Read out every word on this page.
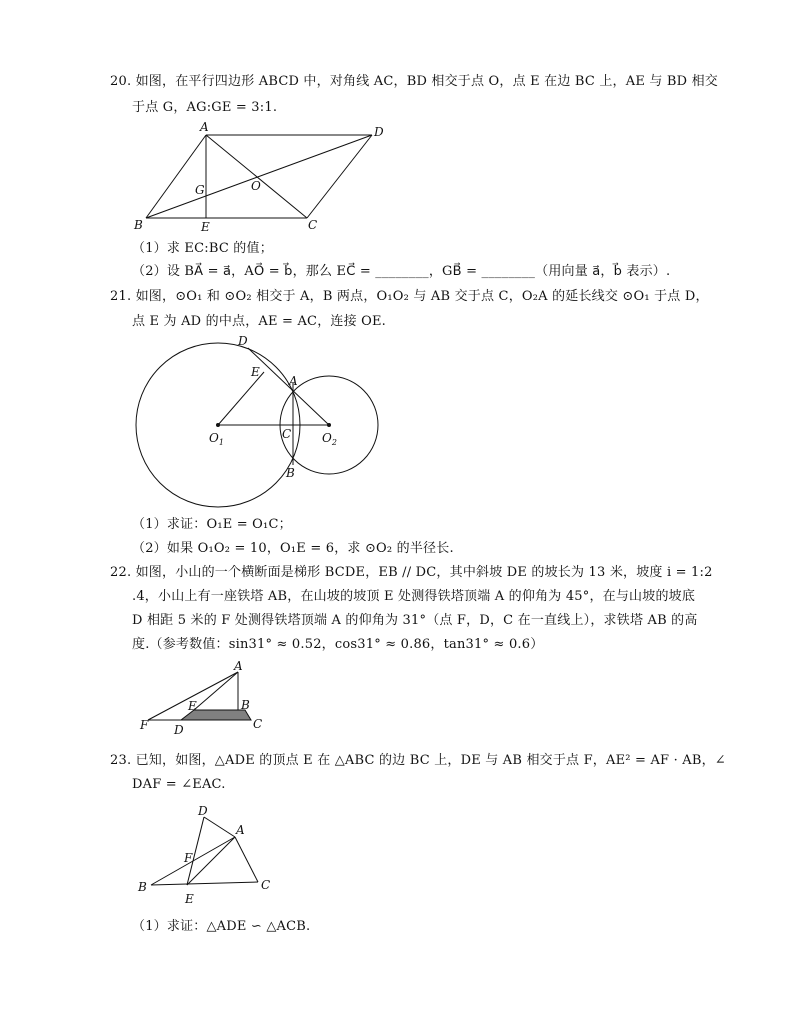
20. 如图，在平行四边形 ABCD 中，对角线 AC，BD 相交于点 O，点 E 在边 BC 上，AE 与 BD 相交
于点 G，AG:GE = 3:1.
A	D
B	C
E
G	O
（1）求 EC:BC 的值；
（2）设 BA⃗ = a⃗，AO⃗ = b⃗，那么 EC⃗ = ________，GB⃗ = ________（用向量 a⃗，b⃗ 表示）.
21. 如图，⊙O₁ 和 ⊙O₂ 相交于 A，B 两点，O₁O₂ 与 AB 交于点 C，O₂A 的延长线交 ⊙O₁ 于点 D，
点 E 为 AD 的中点，AE = AC，连接 OE.
D
E
A
$O_1$
C	$O_2$
B
（1）求证：O₁E = O₁C；
（2）如果 O₁O₂ = 10，O₁E = 6，求 ⊙O₂ 的半径长.
22. 如图，小山的一个横断面是梯形 BCDE，EB // DC，其中斜坡 DE 的坡长为 13 米，坡度 i = 1:2
.4，小山上有一座铁塔 AB，在山坡的坡顶 E 处测得铁塔顶端 A 的仰角为 45°，在与山坡的坡底
D 相距 5 米的 F 处测得铁塔顶端 A 的仰角为 31°（点 F，D，C 在一直线上），求铁塔 AB 的高
度.（参考数值：sin31° ≈ 0.52，cos31° ≈ 0.86，tan31° ≈ 0.6）
A
B
C
D
E
F
23. 已知，如图，△ADE 的顶点 E 在 △ABC 的边 BC 上，DE 与 AB 相交于点 F，AE² = AF · AB，∠
DAF = ∠EAC.
D
A
F
B
E
C
（1）求证：△ADE ∽ △ACB.
